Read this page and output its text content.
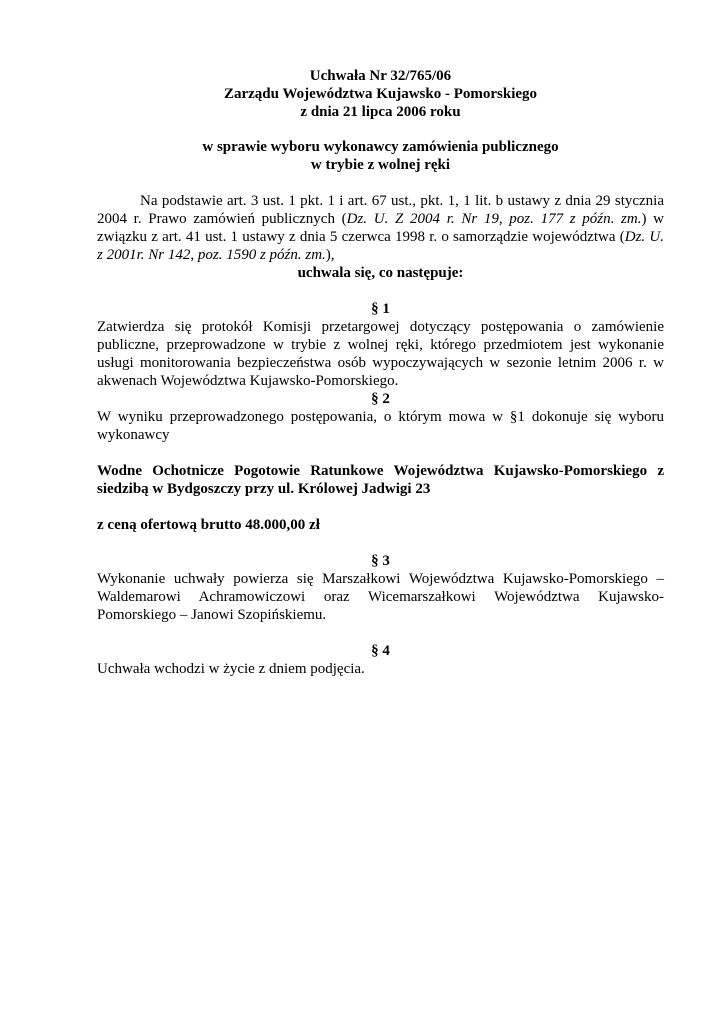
Uchwała Nr 32/765/06

Zarządu Województwa Kujawsko - Pomorskiego

z dnia 21 lipca 2006 roku

w sprawie wyboru wykonawcy zamówienia publicznego

w trybie z wolnej ręki

Na podstawie art. 3 ust. 1 pkt. 1 i art. 67 ust., pkt. 1, 1 lit. b ustawy z dnia 29 stycznia 2004 r. Prawo zamówień publicznych (Dz. U. Z 2004 r. Nr 19, poz. 177 z późn. zm.) w związku z art. 41 ust. 1 ustawy z dnia 5 czerwca 1998 r. o samorządzie województwa (Dz. U. z 2001r. Nr 142, poz. 1590 z późn. zm.),

uchwala się, co następuje:

§ 1

Zatwierdza się protokół Komisji przetargowej dotyczący postępowania o zamówienie publiczne, przeprowadzone w trybie z wolnej ręki, którego przedmiotem jest wykonanie usługi monitorowania bezpieczeństwa osób wypoczywających w sezonie letnim 2006 r. w akwenach Województwa Kujawsko-Pomorskiego.

§ 2

W wyniku przeprowadzonego postępowania, o którym mowa w §1 dokonuje się wyboru wykonawcy

Wodne Ochotnicze Pogotowie Ratunkowe Województwa Kujawsko-Pomorskiego z siedzibą w Bydgoszczy przy ul. Królowej Jadwigi 23

z ceną ofertową brutto 48.000,00 zł

§ 3

Wykonanie uchwały powierza się Marszałkowi Województwa Kujawsko-Pomorskiego – Waldemarowi Achramowiczowi oraz Wicemarszałkowi Województwa Kujawsko-Pomorskiego – Janowi Szopińskiemu.

§ 4

Uchwała wchodzi w życie z dniem podjęcia.
